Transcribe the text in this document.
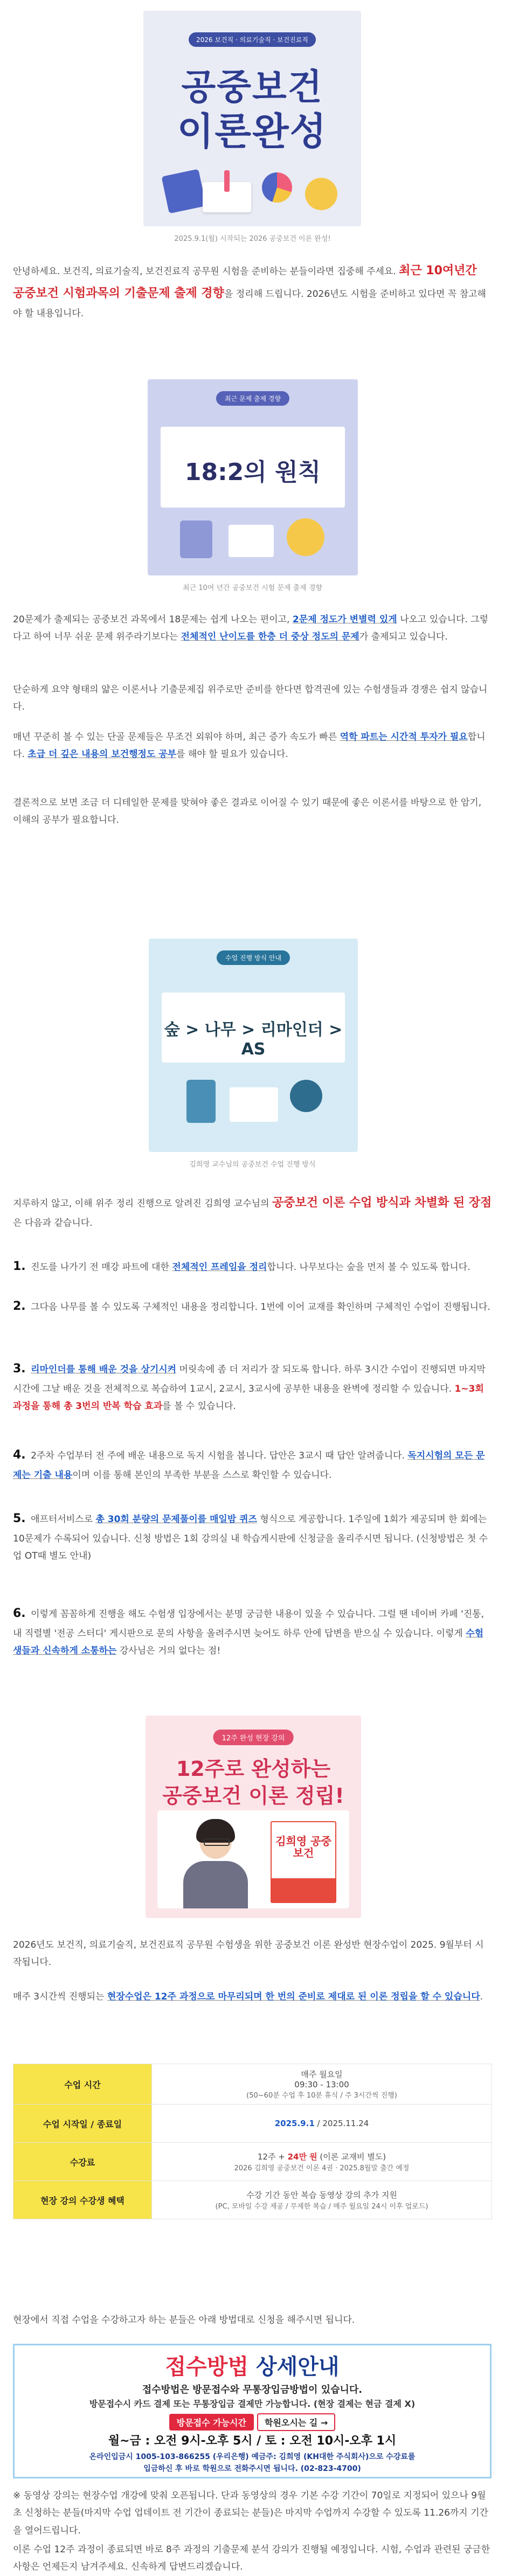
2026 보건직 · 의료기술직 · 보건진료직
공중보건
이론완성
2025.9.1(월) 시작되는 2026 공중보건 이론 완성!

안녕하세요. 보건직, 의료기술직, 보건진료직 공무원 시험을 준비하는 분들이라면 집중해 주세요. 최근 10여년간 공중보건 시험과목의 기출문제 출제 경향을 정리해 드립니다. 2026년도 시험을 준비하고 있다면 꼭 참고해야 할 내용입니다.

최근 문제 출제 경향
18:2의 원칙
최근 10여 년간 공중보건 시험 문제 출제 경향

20문제가 출제되는 공중보건 과목에서 18문제는 쉽게 나오는 편이고, 2문제 정도가 변별력 있게 나오고 있습니다. 그렇다고 하여 너무 쉬운 문제 위주라기보다는 전체적인 난이도를 한층 더 중상 정도의 문제가 출제되고 있습니다.

단순하게 요약 형태의 얇은 이론서나 기출문제집 위주로만 준비를 한다면 합격권에 있는 수험생들과 경쟁은 쉽지 않습니다.

매년 꾸준히 볼 수 있는 단골 문제들은 무조건 외워야 하며, 최근 증가 속도가 빠른 역학 파트는 시간적 투자가 필요합니다. 초급 더 깊은 내용의 보건행정도 공부를 해야 할 필요가 있습니다.

결론적으로 보면 조금 더 디테일한 문제를 맞혀야 좋은 결과로 이어질 수 있기 때문에 좋은 이론서를 바탕으로 한 암기, 이해의 공부가 필요합니다.

수업 진행 방식 안내
숲 > 나무 > 리마인더 > AS
김희영 교수님의 공중보건 수업 진행 방식

지루하지 않고, 이해 위주 정리 진행으로 알려진 김희영 교수님의 공중보건 이론 수업 방식과 차별화 된 장점은 다음과 같습니다.

1. 진도를 나가기 전 매강 파트에 대한 전체적인 프레임을 정리합니다. 나무보다는 숲을 먼저 볼 수 있도록 합니다.

2. 그다음 나무를 볼 수 있도록 구체적인 내용을 정리합니다. 1번에 이어 교재를 확인하며 구체적인 수업이 진행됩니다.

3. 리마인더를 통해 배운 것을 상기시켜 머릿속에 좀 더 저리가 잘 되도록 합니다. 하루 3시간 수업이 진행되면 마지막 시간에 그날 배운 것을 전체적으로 복습하여 1교시, 2교시, 3교시에 공부한 내용을 완벽에 정리할 수 있습니다. 1~3회 과정을 통해 총 3번의 반복 학습 효과를 볼 수 있습니다.

4. 2주차 수업부터 전 주에 배운 내용으로 독지 시험을 봅니다. 답안은 3교시 때 답안 알려줍니다. 독지시험의 모든 문제는 기출 내용이며 이를 통해 본인의 부족한 부분을 스스로 확인할 수 있습니다.

5. 애프터서비스로 총 30회 분량의 문제풀이를 매일밤 퀴즈 형식으로 게공합니다. 1주일에 1회가 제공되며 한 회에는 10문제가 수록되어 있습니다. 신청 방법은 1회 강의실 내 학습게시판에 신청글을 올리주시면 됩니다. (신청방법은 첫 수업 OT때 별도 안내)

6. 이렇게 꼼꼼하게 진행을 해도 수험생 입장에서는 분명 궁금한 내용이 있을 수 있습니다. 그럴 땐 네이버 카페 '진통, 내 직렬별 '전공 스터디' 게시판으로 문의 사항을 올려주시면 늦어도 하루 안에 답변을 받으실 수 있습니다. 이렇게 수험생들과 신속하게 소통하는 강사님은 거의 없다는 점!

12주 완성 현장 강의
12주로 완성하는
공중보건 이론 정립!
김희영 공중보건

2026년도 보건직, 의료기술직, 보건진료직 공무원 수험생을 위한 공중보건 이론 완성반 현장수업이 2025. 9월부터 시작됩니다.

매주 3시간씩 진행되는 현장수업은 12주 과정으로 마무리되며 한 번의 준비로 제대로 된 이론 정립을 할 수 있습니다.

수업 시간	매주 월요일
09:30 - 13:00
(50~60분 수업 후 10분 휴식 / 주 3시간씩 진행)

수업 시작일 / 종료일	2025.9.1 / 2025.11.24
수강료	12주 + 24만 원 (이론 교재비 별도)
2026 김희영 공중보건 이론 4권 · 2025.8월말 출간 예정

현장 강의 수강생 혜택	수강 기간 동안 복습 동영상 강의 추가 지원
(PC, 모바일 수강 제공 / 무제한 복습 / 매주 월요일 24시 이후 업로드)

현장에서 직접 수업을 수강하고자 하는 분들은 아래 방법대로 신청을 해주시면 됩니다.

접수방법 상세안내
접수방법은 방문접수와 무통장입금방법이 있습니다.
방문접수시 카드 결제 또는 무통장입금 결제만 가능합니다. (현장 결제는 현금 결제 X)
방문접수 가능시간 학원오시는 길 →
월~금 : 오전 9시-오후 5시 / 토 : 오전 10시-오후 1시
온라인입금시 1005-103-866255 (우리은행) 예금주: 김희영 (KH대한 주식회사)으로 수강료를
입금하신 후 바로 학원으로 전화주시면 됩니다. (02-823-4700)

※ 동영상 강의는 현장수업 개강에 맞춰 오픈됩니다. 단과 동영상의 경우 기본 수강 기간이 70일로 지정되어 있으나 9월 초 신청하는 분들(마지막 수업 업데이트 전 기간이 종료되는 분들)은 마지막 수업까지 수강할 수 있도록 11.26까지 기간을 열어드립니다.

이론 수업 12주 과정이 종료되면 바로 8주 과정의 기출문제 분석 강의가 진행될 예정입니다. 시험, 수업과 관련된 궁금한 사항은 언제든지 남겨주세요. 신속하게 답변드리겠습니다.
